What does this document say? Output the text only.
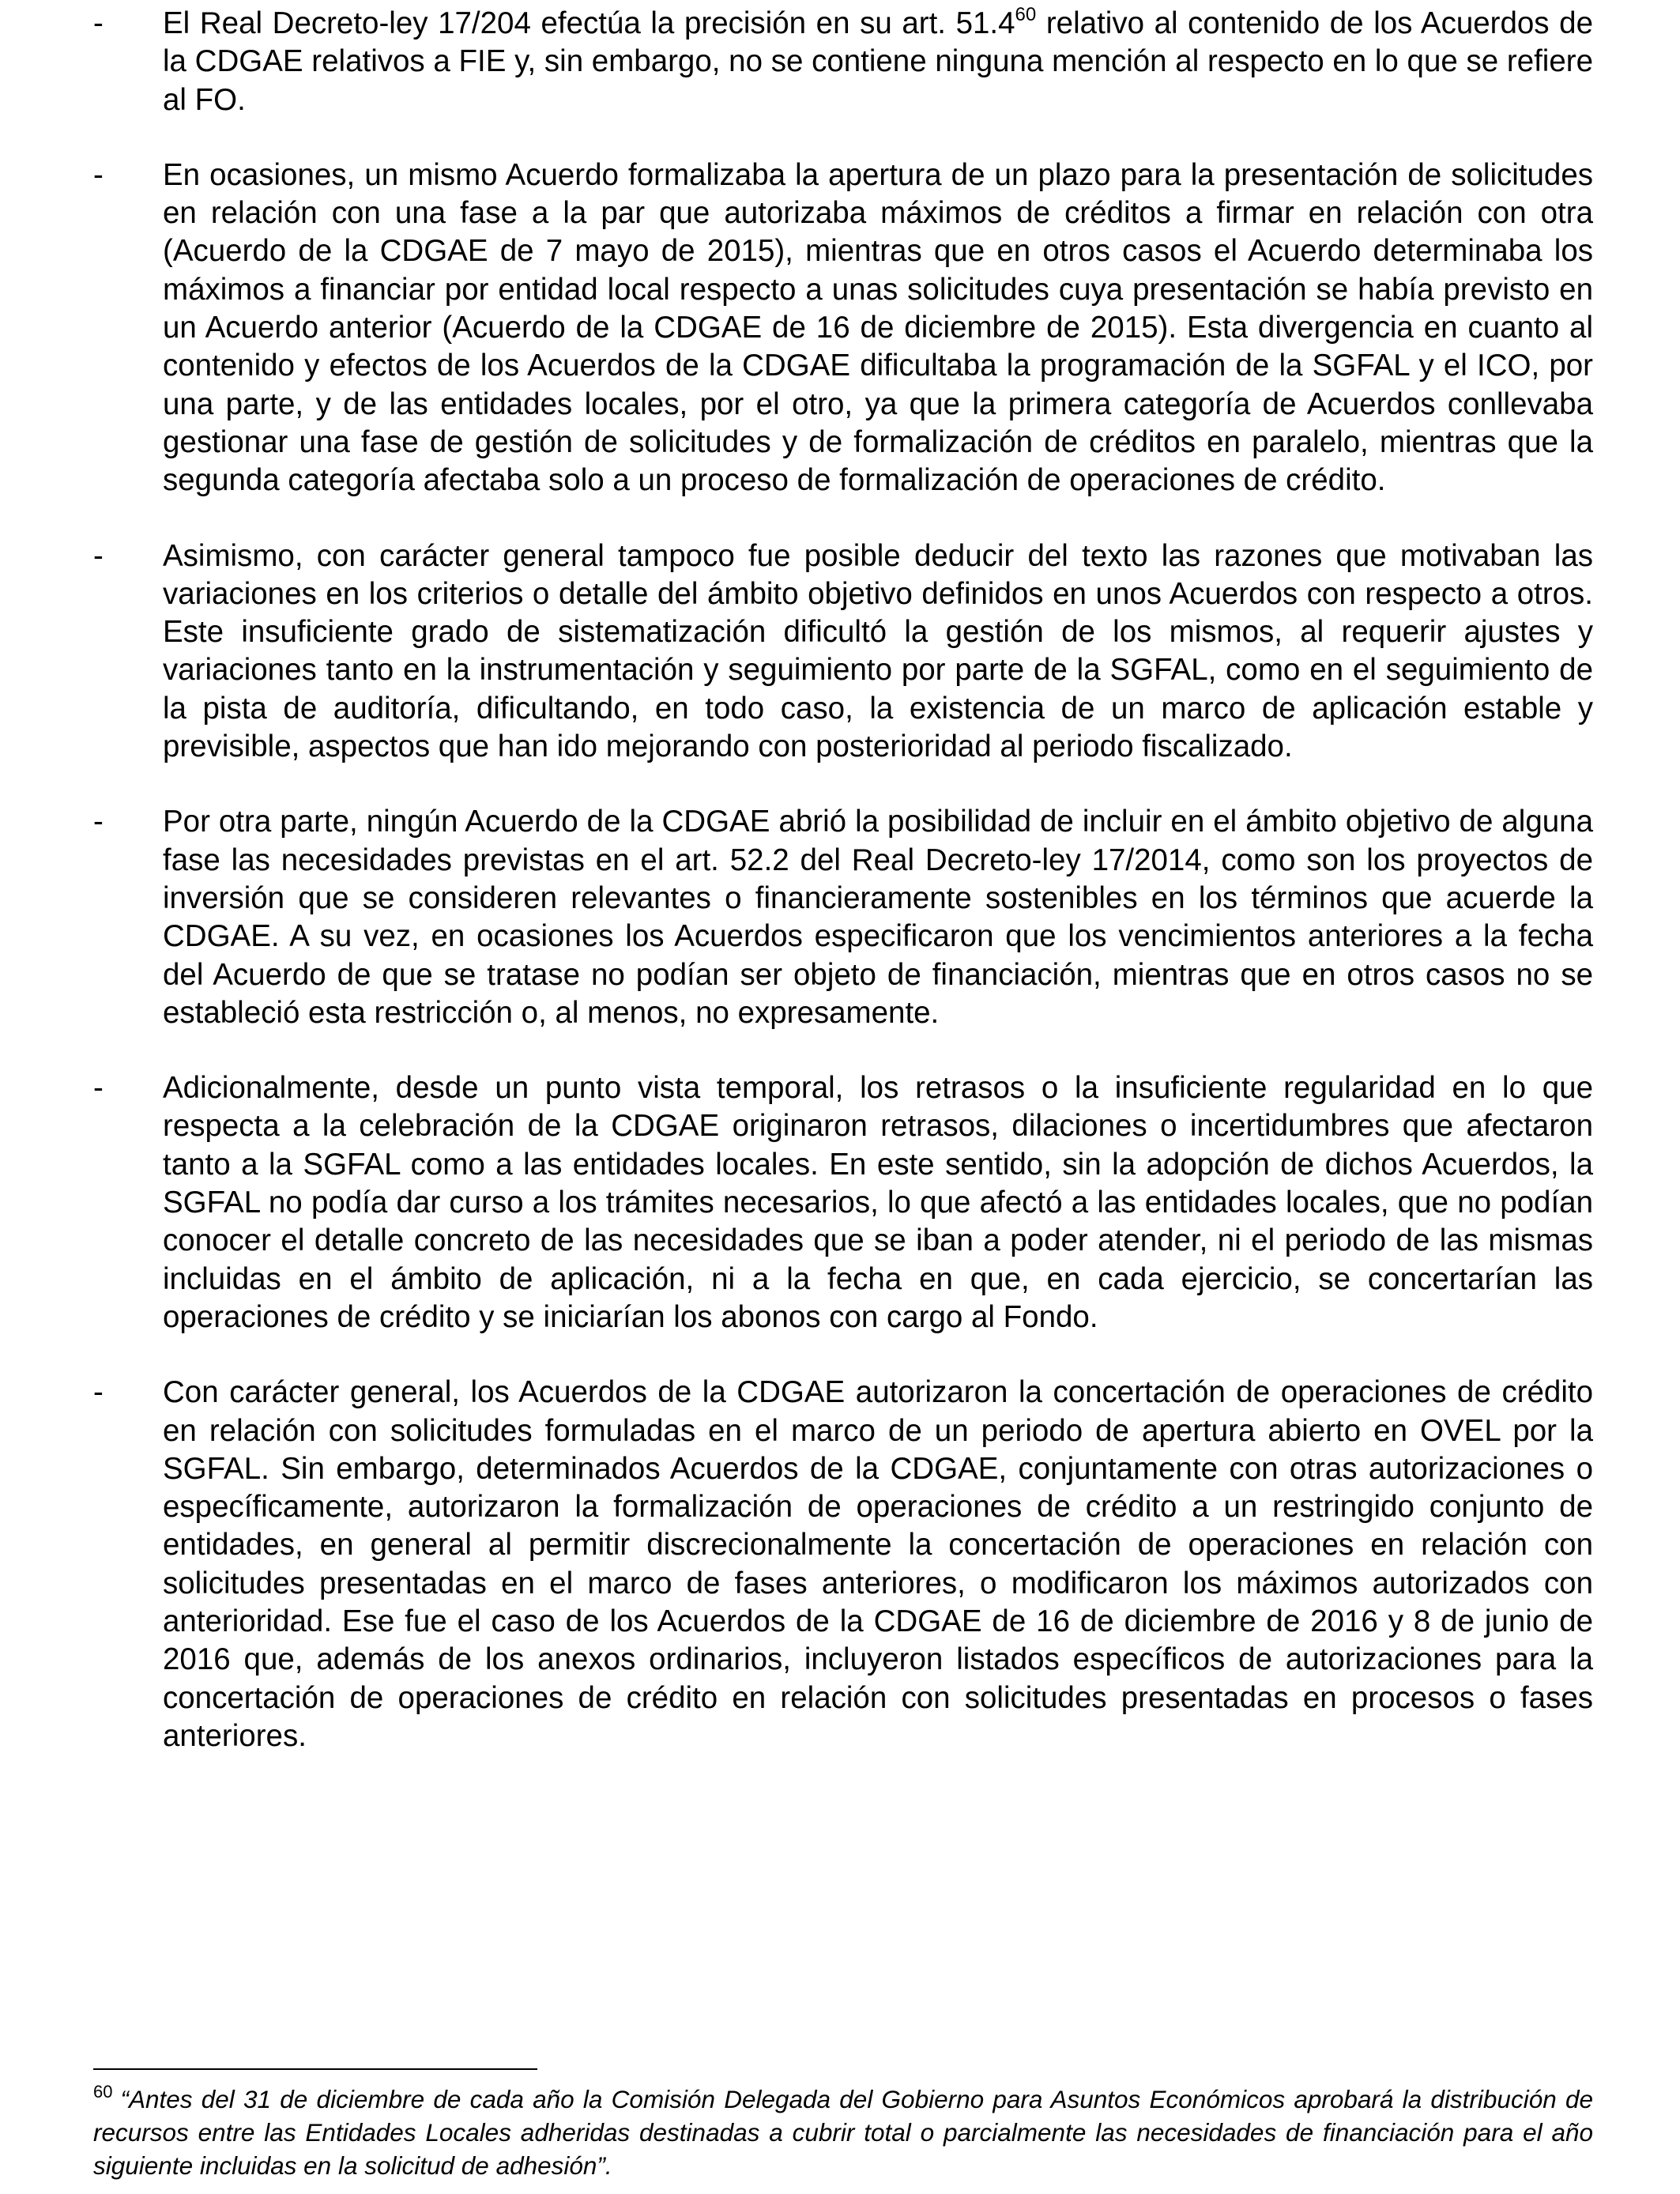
- El Real Decreto-ley 17/204 efectúa la precisión en su art. 51.4$^{60}$ relativo al contenido de los Acuerdos de la CDGAE relativos a FIE y, sin embargo, no se contiene ninguna mención al respecto en lo que se refiere al FO.
- En ocasiones, un mismo Acuerdo formalizaba la apertura de un plazo para la presentación de solicitudes en relación con una fase a la par que autorizaba máximos de créditos a firmar en relación con otra (Acuerdo de la CDGAE de 7 mayo de 2015), mientras que en otros casos el Acuerdo determinaba los máximos a financiar por entidad local respecto a unas solicitudes cuya presentación se había previsto en un Acuerdo anterior (Acuerdo de la CDGAE de 16 de diciembre de 2015). Esta divergencia en cuanto al contenido y efectos de los Acuerdos de la CDGAE dificultaba la programación de la SGFAL y el ICO, por una parte, y de las entidades locales, por el otro, ya que la primera categoría de Acuerdos conllevaba gestionar una fase de gestión de solicitudes y de formalización de créditos en paralelo, mientras que la segunda categoría afectaba solo a un proceso de formalización de operaciones de crédito.
- Asimismo, con carácter general tampoco fue posible deducir del texto las razones que motivaban las variaciones en los criterios o detalle del ámbito objetivo definidos en unos Acuerdos con respecto a otros. Este insuficiente grado de sistematización dificultó la gestión de los mismos, al requerir ajustes y variaciones tanto en la instrumentación y seguimiento por parte de la SGFAL, como en el seguimiento de la pista de auditoría, dificultando, en todo caso, la existencia de un marco de aplicación estable y previsible, aspectos que han ido mejorando con posterioridad al periodo fiscalizado.
- Por otra parte, ningún Acuerdo de la CDGAE abrió la posibilidad de incluir en el ámbito objetivo de alguna fase las necesidades previstas en el art. 52.2 del Real Decreto-ley 17/2014, como son los proyectos de inversión que se consideren relevantes o financieramente sostenibles en los términos que acuerde la CDGAE. A su vez, en ocasiones los Acuerdos especificaron que los vencimientos anteriores a la fecha del Acuerdo de que se tratase no podían ser objeto de financiación, mientras que en otros casos no se estableció esta restricción o, al menos, no expresamente.
- Adicionalmente, desde un punto vista temporal, los retrasos o la insuficiente regularidad en lo que respecta a la celebración de la CDGAE originaron retrasos, dilaciones o incertidumbres que afectaron tanto a la SGFAL como a las entidades locales. En este sentido, sin la adopción de dichos Acuerdos, la SGFAL no podía dar curso a los trámites necesarios, lo que afectó a las entidades locales, que no podían conocer el detalle concreto de las necesidades que se iban a poder atender, ni el periodo de las mismas incluidas en el ámbito de aplicación, ni a la fecha en que, en cada ejercicio, se concertarían las operaciones de crédito y se iniciarían los abonos con cargo al Fondo.
- Con carácter general, los Acuerdos de la CDGAE autorizaron la concertación de operaciones de crédito en relación con solicitudes formuladas en el marco de un periodo de apertura abierto en OVEL por la SGFAL. Sin embargo, determinados Acuerdos de la CDGAE, conjuntamente con otras autorizaciones o específicamente, autorizaron la formalización de operaciones de crédito a un restringido conjunto de entidades, en general al permitir discrecionalmente la concertación de operaciones en relación con solicitudes presentadas en el marco de fases anteriores, o modificaron los máximos autorizados con anterioridad. Ese fue el caso de los Acuerdos de la CDGAE de 16 de diciembre de 2016 y 8 de junio de 2016 que, además de los anexos ordinarios, incluyeron listados específicos de autorizaciones para la concertación de operaciones de crédito en relación con solicitudes presentadas en procesos o fases anteriores.

$^{60}$ “Antes del 31 de diciembre de cada año la Comisión Delegada del Gobierno para Asuntos Económicos aprobará la distribución de recursos entre las Entidades Locales adheridas destinadas a cubrir total o parcialmente las necesidades de financiación para el año siguiente incluidas en la solicitud de adhesión”.
